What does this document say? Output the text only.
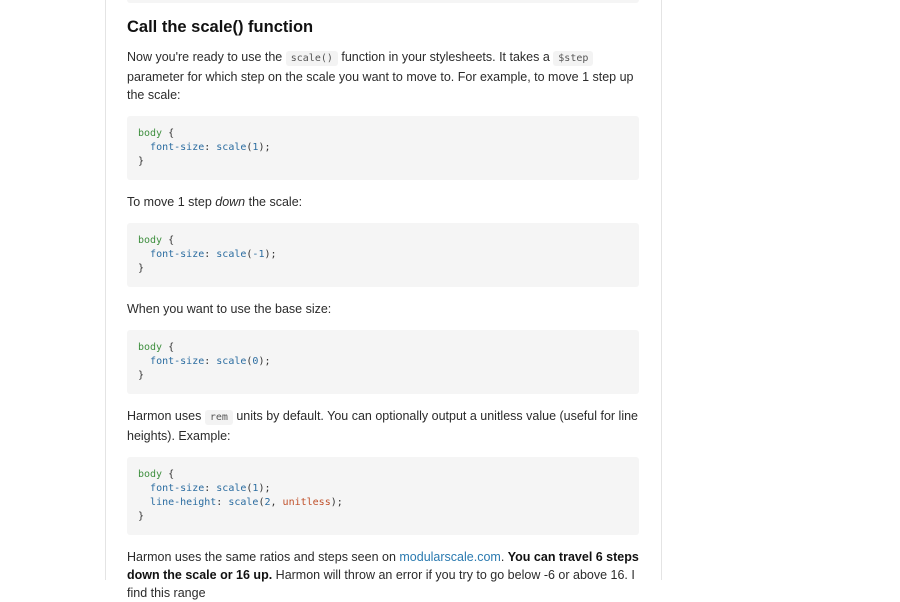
Call the scale() function

Now you're ready to use the scale() function in your stylesheets. It takes a $step parameter for which step on the scale you want to move to. For example, to move 1 step up the scale:

body {
font-size: scale(1);
}

To move 1 step down the scale:

body {
font-size: scale(-1);
}

When you want to use the base size:

body {
font-size: scale(0);
}

Harmon uses rem units by default. You can optionally output a unitless value (useful for line heights). Example:

body {
font-size: scale(1);
line-height: scale(2, unitless);
}

Harmon uses the same ratios and steps seen on modularscale.com. You can travel 6 steps down the scale or 16 up. Harmon will throw an error if you try to go below -6 or above 16. I find this range
